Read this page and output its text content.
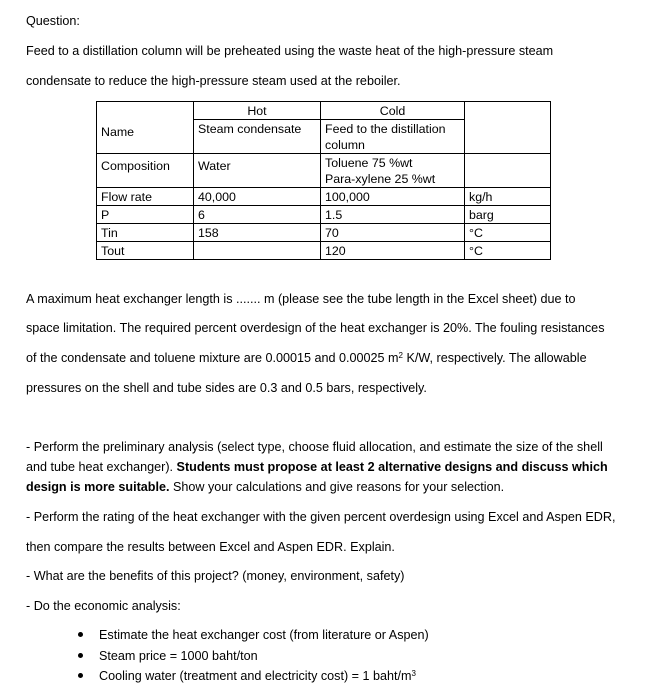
Question:
Feed to a distillation column will be preheated using the waste heat of the high-pressure steam
condensate to reduce the high-pressure steam used at the reboiler.
	Hot	Cold	
Name	Steam condensate	Feed to the distillation
column	

Composition	Water	Toluene 75 %wt
Para-xylene 25 %wt	

Flow rate	40,000	100,000	kg/h
P	6	1.5	barg
Tin	158	70	°C
Tout		120	°C
A maximum heat exchanger length is ....... m (please see the tube length in the Excel sheet) due to
space limitation. The required percent overdesign of the heat exchanger is 20%. The fouling resistances
of the condensate and toluene mixture are 0.00015 and 0.00025 $m^2$ K/W, respectively. The allowable
pressures on the shell and tube sides are 0.3 and 0.5 bars, respectively.
- Perform the preliminary analysis (select type, choose fluid allocation, and estimate the size of the shell and tube heat exchanger). Students must propose at least 2 alternative designs and discuss which design is more suitable. Show your calculations and give reasons for your selection.
- Perform the rating of the heat exchanger with the given percent overdesign using Excel and Aspen EDR,
then compare the results between Excel and Aspen EDR. Explain.
- What are the benefits of this project? (money, environment, safety)
- Do the economic analysis:
Estimate the heat exchanger cost (from literature or Aspen)
Steam price = 1000 baht/ton
Cooling water (treatment and electricity cost) = 1 baht/$m^3$
